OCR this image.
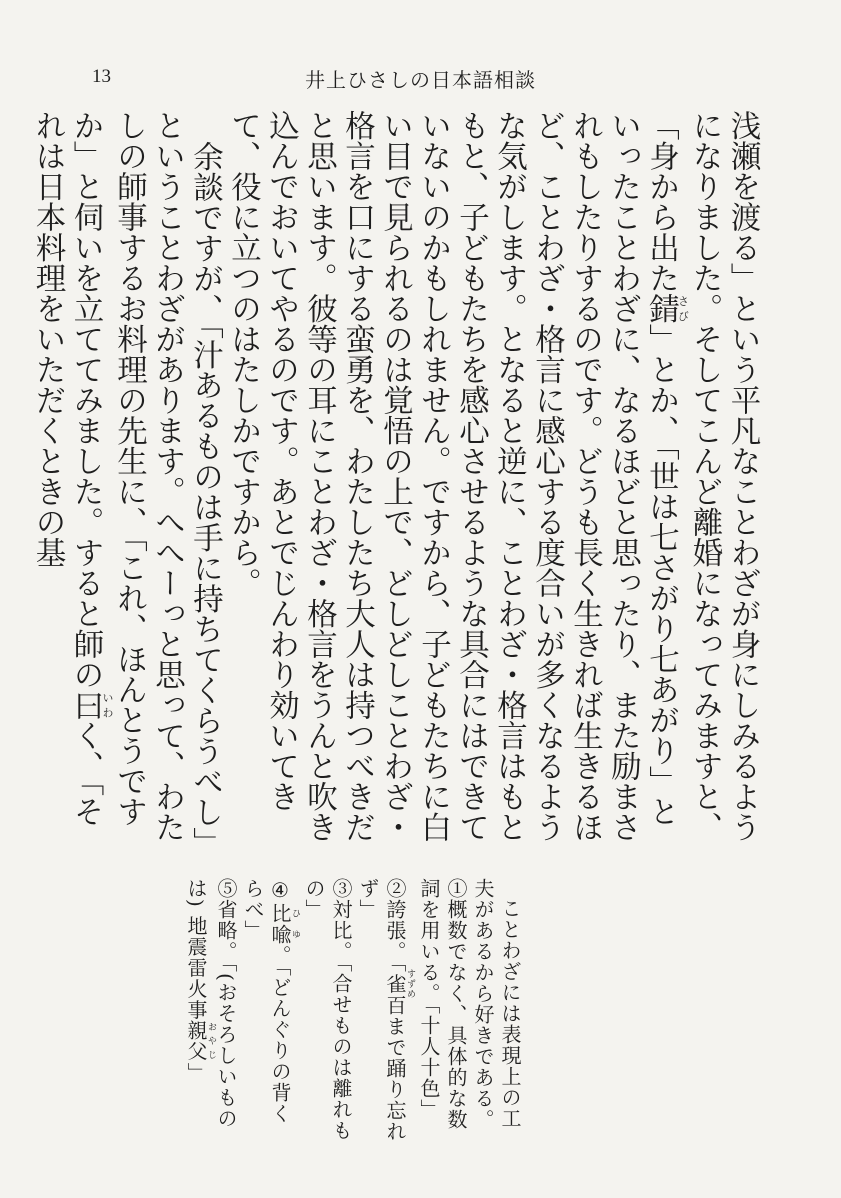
13	井上ひさしの日本語相談

浅瀬を渡る」という平凡なことわざが身にしみるようになりました。そしてこんど離婚になってみますと、「身から出た錆さび」とか、「世は七さがり七あがり」といったことわざに、なるほどと思ったり、また励まされもしたりするのです。どうも長く生きれば生きるほど、ことわざ・格言に感心する度合いが多くなるような気がします。となると逆に、ことわざ・格言はもともと、子どもたちを感心させるような具合にはできていないのかもしれません。ですから、子どもたちに白い目で見られるのは覚悟の上で、どしどしことわざ・格言を口にする蛮勇を、わたしたち大人は持つべきだと思います。彼等の耳にことわざ・格言をうんと吹き込んでおいてやるのです。あとでじんわり効いてきて、役に立つのはたしかですから。

余談ですが、「汁あるものは手に持ちてくらうべし」ということわざがあります。へへーっと思って、わたしの師事するお料理の先生に、「これ、ほんとうですか」と伺いを立ててみました。すると師の曰いわく、「それは日本料理をいただくときの基

ことわざには表現上の工夫があるから好きである。

①概数でなく、具体的な数詞を用いる。「十人十色」

②誇張。「雀すずめ百まで踊り忘れず」

③対比。「合せものは離れもの」

④比喩ひゆ。「どんぐりの背くらべ」

⑤省略。「(おそろしいものは) 地震雷火事親父おやじ」
